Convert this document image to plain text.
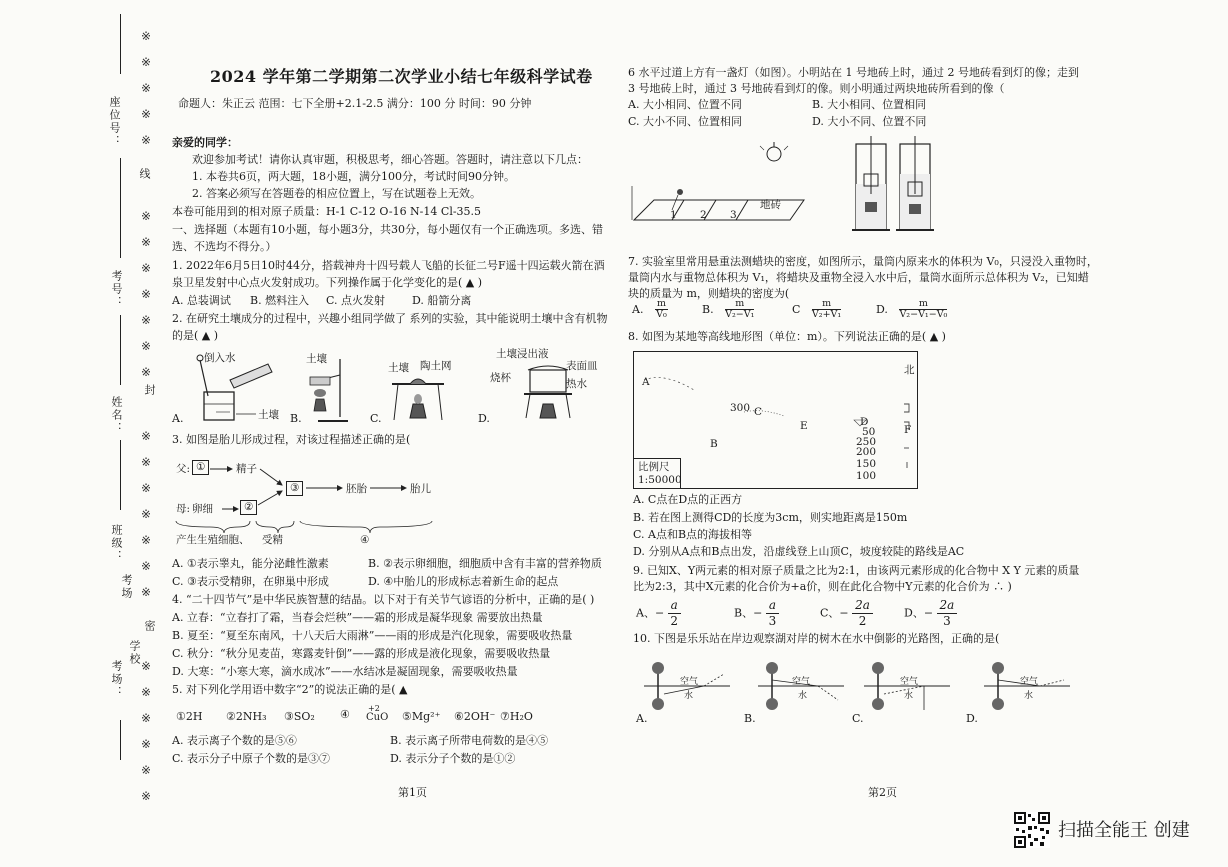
座位号：
线
考号：
姓名：
封
班级：
考场
密
考场：
学校
※
※
※
※
※
※
※
※
※
※
※
※
※
※
※
※
※
※
※
※
※
※
※
※
※
2024 学年第二学期第二次学业小结七年级科学试卷
命题人：朱正云 范围：七下全册+2.1-2.5 满分：100 分 时间：90 分钟
亲爱的同学：
欢迎参加考试！请你认真审题，积极思考，细心答题。答题时，请注意以下几点：
1. 本卷共6页，两大题，18小题，满分100分，考试时间90分钟。
2. 答案必须写在答题卷的相应位置上，写在试题卷上无效。
本卷可能用到的相对原子质量：H-1 C-12 O-16 N-14 Cl-35.5
一、选择题（本题有10小题，每小题3分，共30分，每小题仅有一个正确选项。多选、错
选、不选均不得分。）
1. 2022年6月5日10时44分，搭载神舟十四号载人飞船的长征二号F遥十四运载火箭在酒
泉卫星发射中心点火发射成功。下列操作属于化学变化的是( ▲ )
A. 总装调试 B. 燃料注入 C. 点火发射 D. 船箭分离
2. 在研究土壤成分的过程中，兴趣小组同学做了 系列的实验，其中能说明土壤中含有机物
的是( ▲ )
倒入水
土壤
土壤
土壤 陶土网
土壤浸出液
表面皿
烧杯	热水
A.	B.	C.	D.
3. 如图是胎儿形成过程，对该过程描述正确的是(
父: ①	精子
母: 卵细	②
③	胚胎	胎儿
产生生殖细胞、 受精	④
A. ①表示睾丸，能分泌雌性激素	B. ②表示卵细胞，细胞质中含有丰富的营养物质
C. ③表示受精卵，在卵巢中形成	D. ④中胎儿的形成标志着新生命的起点
4. “二十四节气”是中华民族智慧的结晶。以下对于有关节气谚语的分析中，正确的是( )
A. 立春：“立春打了霜，当春会烂秧”——霜的形成是凝华现象 需要放出热量
B. 夏至：“夏至东南风，十八天后大雨淋”——雨的形成是汽化现象，需要吸收热量
C. 秋分：“秋分见麦苗，寒露麦针倒”——露的形成是液化现象，需要吸收热量
D. 大寒：“小寒大寒，滴水成冰”——水结冰是凝固现象，需要吸收热量
5. 对下列化学用语中数字“2”的说法正确的是( ▲
①2H ②2NH₃ ③SO₂ ④ +2
CuO ⑤Mg²⁺ ⑥2OH⁻ ⑦H₂O
A. 表示离子个数的是⑤⑥	B. 表示离子所带电荷数的是④⑤
C. 表示分子中原子个数的是③⑦	D. 表示分子个数的是①②
第1页
6 水平过道上方有一盏灯（如图）。小明站在 1 号地砖上时，通过 2 号地砖看到灯的像；走到
3 号地砖上时，通过 3 号地砖看到灯的像。则小明通过两块地砖所看到的像（
A. 大小相同、位置不同	B. 大小相同、位置相同
C. 大小不同、位置相同	D. 大小不同、位置不同
1 2 3
地砖
7. 实验室里常用悬重法测蜡块的密度，如图所示，量筒内原来水的体积为 V₀，只浸没入重物时，
量筒内水与重物总体积为 V₁，将蜡块及重物全浸入水中后，量筒水面所示总体积为 V₂，已知蜡
块的质量为 m，则蜡块的密度为(
A. $\frac{m}{\text{V₀}}$	B. $\frac{m}{\text{V₂−V₁}}$	C $\frac{m}{\text{V₂+V₁}}$	D. $\frac{m}{\text{V₂−V₁−V₀}}$
8. 如图为某地等高线地形图（单位：m）。下列说法正确的是( ▲ )
北
A
B
C
D
E	F
300
50
250
200
150
100
比例尺
1:50000
A. C点在D点的正西方
B. 若在图上测得CD的长度为3cm，则实地距离是150m
C. A点和B点的海拔相等
D. 分别从A点和B点出发，沿虚线登上山顶C，坡度较陡的路线是AC
9. 已知X、Y两元素的相对原子质量之比为2:1，由该两元素形成的化合物中 X Y 元素的质量
比为2:3，其中X元素的化合价为+a价，则在此化合物中Y元素的化合价为 ∴ )
A、− $\frac{a}{2}$	B、− $\frac{a}{3}$	C、− $\frac{2a}{2}$	D、− $\frac{2a}{3}$
10. 下图是乐乐站在岸边观察湖对岸的树木在水中倒影的光路图，正确的是(
空气
水
空气
水
空气
水
空气
水
A.	B.	C.	D.
第2页
扫描全能王 创建
